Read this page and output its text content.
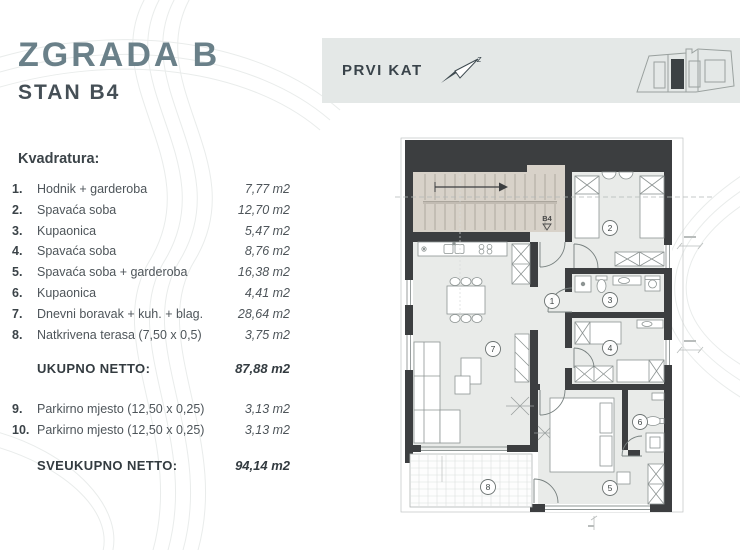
PRVI KAT
z
ZGRADA B
STAN B4
Kvadratura:
1.	Hodnik + garderoba	7,77 m2
2.	Spavaća soba	12,70 m2
3.	Kupaonica	5,47 m2
4.	Spavaća soba	8,76 m2
5.	Spavaća soba + garderoba	16,38 m2
6.	Kupaonica	4,41 m2
7.	Dnevni boravak + kuh. + blag.	28,64 m2
8.	Natkrivena terasa (7,50 x 0,5)	3,75 m2
UKUPNO NETTO:	87,88 m2
9.	Parkirno mjesto (12,50 x 0,25)	3,13 m2
10. Parkirno mjesto (12,50 x 0,25)	3,13 m2
SVEUKUPNO NETTO:	94,14 m2
B4
1
2
3
4
5
6
7
8
